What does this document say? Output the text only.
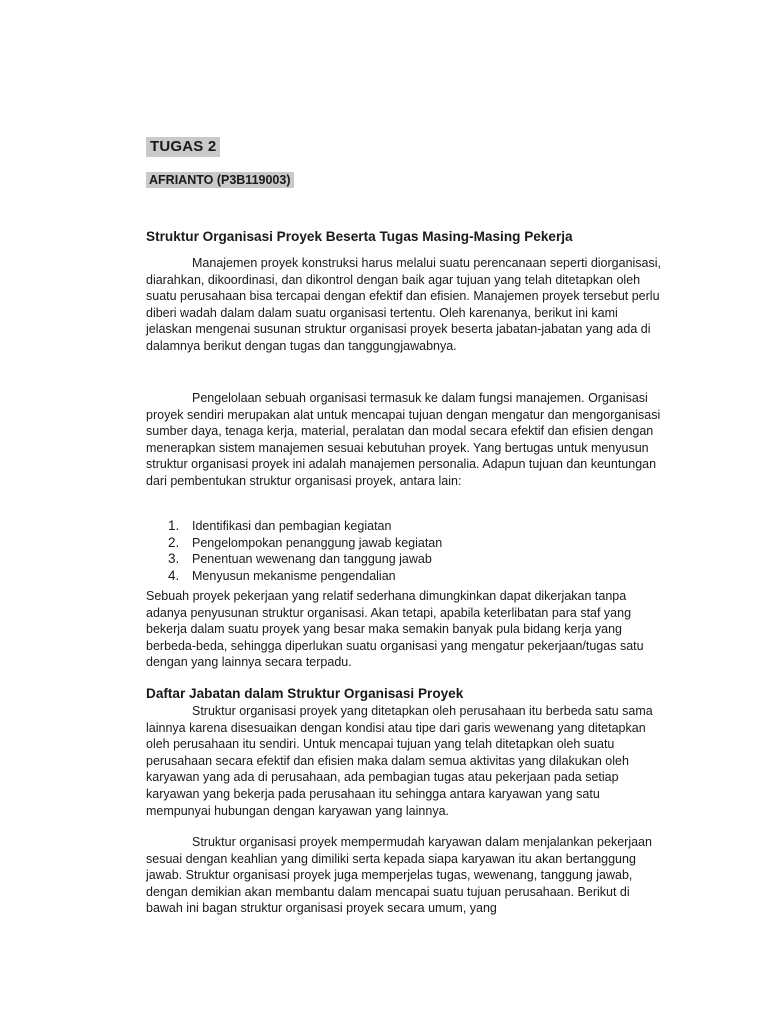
TUGAS 2
AFRIANTO (P3B119003)
Struktur Organisasi Proyek Beserta Tugas Masing-Masing Pekerja

Manajemen proyek konstruksi harus melalui suatu perencanaan seperti diorganisasi, diarahkan, dikoordinasi, dan dikontrol dengan baik agar tujuan yang telah ditetapkan oleh suatu perusahaan bisa tercapai dengan efektif dan efisien. Manajemen proyek tersebut perlu diberi wadah dalam dalam suatu organisasi tertentu. Oleh karenanya, berikut ini kami jelaskan mengenai susunan struktur organisasi proyek beserta jabatan-jabatan yang ada di dalamnya berikut dengan tugas dan tanggungjawabnya.

Pengelolaan sebuah organisasi termasuk ke dalam fungsi manajemen. Organisasi proyek sendiri merupakan alat untuk mencapai tujuan dengan mengatur dan mengorganisasi sumber daya, tenaga kerja, material, peralatan dan modal secara efektif dan efisien dengan menerapkan sistem manajemen sesuai kebutuhan proyek. Yang bertugas untuk menyusun struktur organisasi proyek ini adalah manajemen personalia. Adapun tujuan dan keuntungan dari pembentukan struktur organisasi proyek, antara lain:

1. Identifikasi dan pembagian kegiatan
2. Pengelompokan penanggung jawab kegiatan
3. Penentuan wewenang dan tanggung jawab
4. Menyusun mekanisme pengendalian

Sebuah proyek pekerjaan yang relatif sederhana dimungkinkan dapat dikerjakan tanpa adanya penyusunan struktur organisasi. Akan tetapi, apabila keterlibatan para staf yang bekerja dalam suatu proyek yang besar maka semakin banyak pula bidang kerja yang berbeda-beda, sehingga diperlukan suatu organisasi yang mengatur pekerjaan/tugas satu dengan yang lainnya secara terpadu.

Daftar Jabatan dalam Struktur Organisasi Proyek

Struktur organisasi proyek yang ditetapkan oleh perusahaan itu berbeda satu sama lainnya karena disesuaikan dengan kondisi atau tipe dari garis wewenang yang ditetapkan oleh perusahaan itu sendiri. Untuk mencapai tujuan yang telah ditetapkan oleh suatu perusahaan secara efektif dan efisien maka dalam semua aktivitas yang dilakukan oleh karyawan yang ada di perusahaan, ada pembagian tugas atau pekerjaan pada setiap karyawan yang bekerja pada perusahaan itu sehingga antara karyawan yang satu mempunyai hubungan dengan karyawan yang lainnya.

Struktur organisasi proyek mempermudah karyawan dalam menjalankan pekerjaan sesuai dengan keahlian yang dimiliki serta kepada siapa karyawan itu akan bertanggung jawab. Struktur organisasi proyek juga memperjelas tugas, wewenang, tanggung jawab, dengan demikian akan membantu dalam mencapai suatu tujuan perusahaan. Berikut di bawah ini bagan struktur organisasi proyek secara umum, yang
